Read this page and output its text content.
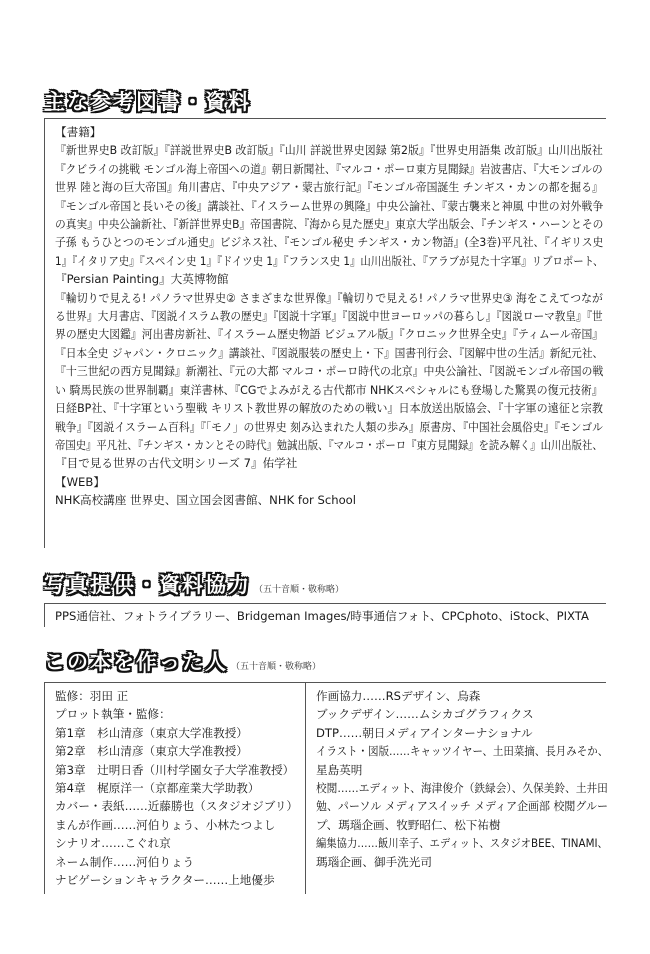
主 な 参 考 図 書 ・ 資 料

【書籍】

『新世界史B 改訂版』『詳説世界史B 改訂版』『山川 詳説世界史図録 第2版』『世界史用語集 改訂版』山川出版社

『クビライの挑戦 モンゴル海上帝国への道』朝日新聞社、『マルコ・ポーロ東方見聞録』岩波書店、『大モンゴルの

世界 陸と海の巨大帝国』角川書店、『中央アジア・蒙古旅行記』『モンゴル帝国誕生 チンギス・カンの都を掘る』

『モンゴル帝国と長いその後』講談社、『イスラーム世界の興隆』中央公論社、『蒙古襲来と神風 中世の対外戦争

の真実』中央公論新社、『新詳世界史B』帝国書院、『海から見た歴史』東京大学出版会、『チンギス・ハーンとその

子孫 もうひとつのモンゴル通史』ビジネス社、『モンゴル秘史 チンギス・カン物語』(全3巻)平凡社、『イギリス史

1』『イタリア史』『スペイン史 1』『ドイツ史 1』『フランス史 1』山川出版社、『アラブが見た十字軍』リブロポート、

『Persian Painting』大英博物館

『輪切りで見える! パノラマ世界史② さまざまな世界像』『輪切りで見える! パノラマ世界史③ 海をこえてつなが

る世界』大月書店、『図説イスラム教の歴史』『図説十字軍』『図説中世ヨーロッパの暮らし』『図説ローマ教皇』『世

界の歴史大図鑑』河出書房新社、『イスラーム歴史物語 ビジュアル版』『クロニック世界全史』『ティムール帝国』

『日本全史 ジャパン・クロニック』講談社、『図説服装の歴史上・下』国書刊行会、『図解中世の生活』新紀元社、

『十三世紀の西方見聞録』新潮社、『元の大都 マルコ・ポーロ時代の北京』中央公論社、『図説モンゴル帝国の戦

い 騎馬民族の世界制覇』東洋書林、『CGでよみがえる古代都市 NHKスペシャルにも登場した驚異の復元技術』

日経BP社、『十字軍という聖戦 キリスト教世界の解放のための戦い』日本放送出版協会、『十字軍の遠征と宗教

戦争』『図説イスラーム百科』『「モノ」の世界史 刻み込まれた人類の歩み』原書房、『中国社会風俗史』『モンゴル

帝国史』平凡社、『チンギス・カンとその時代』勉誠出版、『マルコ・ポーロ『東方見聞録』を読み解く』山川出版社、

『目で見る世界の古代文明シリーズ 7』佑学社

【WEB】

NHK高校講座 世界史、国立国会図書館、NHK for School

写 真 提 供 ・ 資 料 協 力 （五十音順・敬称略）

PPS通信社、フォトライブラリー、Bridgeman Images/時事通信フォト、CPCphoto、iStock、PIXTA

こ の 本 を 作 っ た 人 （五十音順・敬称略）

監修：羽田 正

プロット執筆・監修：

第1章　杉山清彦（東京大学准教授）

第2章　杉山清彦（東京大学准教授）

第3章　辻明日香（川村学園女子大学准教授）

第4章　梶原洋一（京都産業大学助教）

カバー・表紙……近藤勝也（スタジオジブリ）

まんが作画……河伯りょう、小林たつよし

シナリオ……こぐれ京

ネーム制作……河伯りょう

ナビゲーションキャラクター……上地優歩

作画協力……RSデザイン、烏森

ブックデザイン……ムシカゴグラフィクス

DTP……朝日メディアインターナショナル

イラスト・図版……キャッツイヤー、土田菜摘、長月みそか、

星島英明

校閲……エディット、海津俊介（鉄緑会）、久保美鈴、土井田

勉、パーソル メディアスイッチ メディア企画部 校閲グルー

プ、瑪瑙企画、牧野昭仁、松下祐樹

編集協力……飯川幸子、エディット、スタジオBEE、TINAMI、

瑪瑙企画、御手洗光司
